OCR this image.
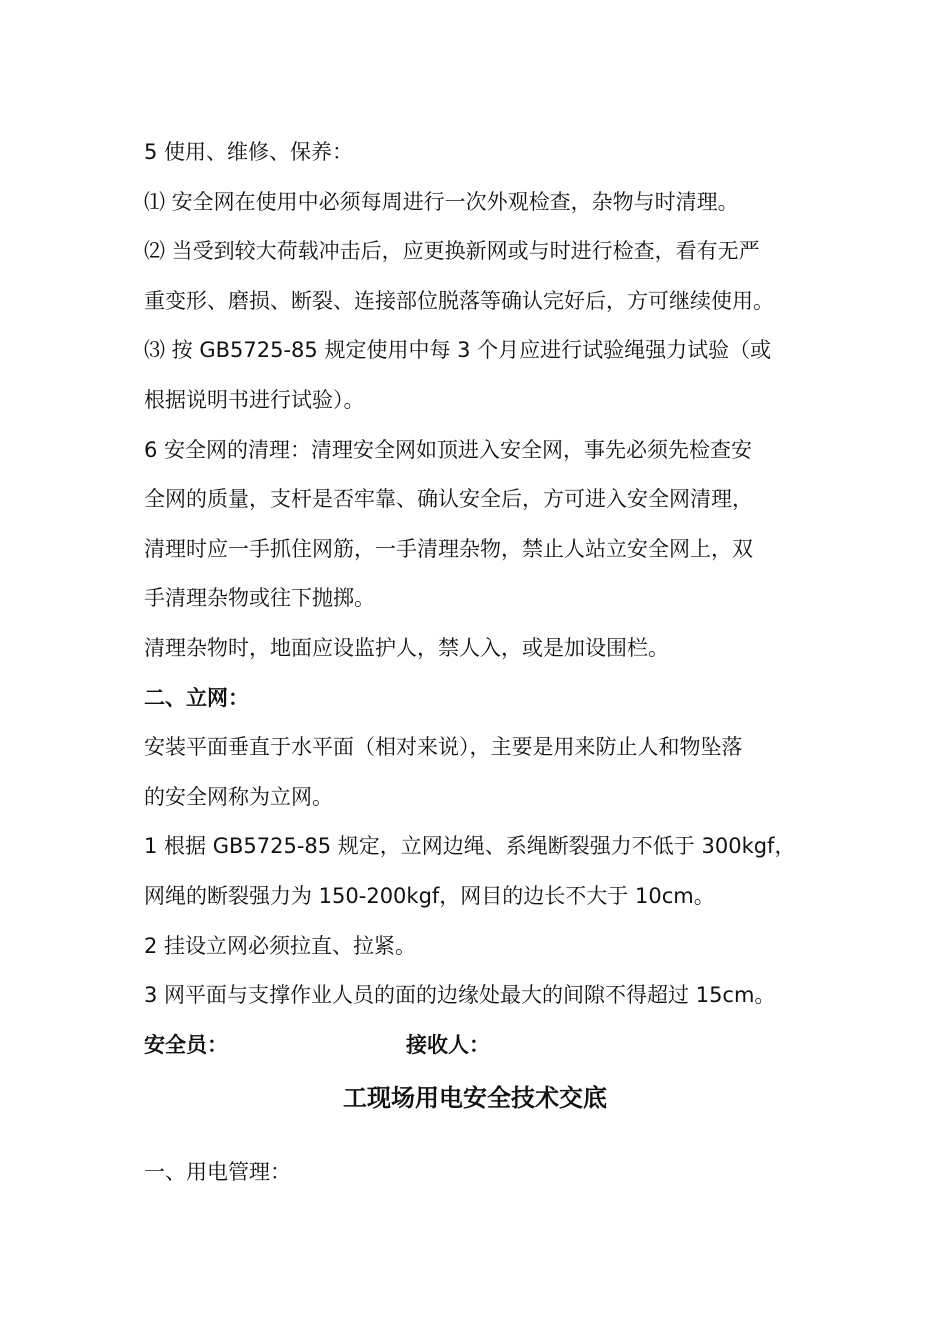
5 使用、维修、保养：
⑴ 安全网在使用中必须每周进行一次外观检查，杂物与时清理。
⑵ 当受到较大荷载冲击后，应更换新网或与时进行检查，看有无严
重变形、磨损、断裂、连接部位脱落等确认完好后，方可继续使用。
⑶ 按 GB5725-85 规定使用中每 3 个月应进行试验绳强力试验（或
根据说明书进行试验）。
6 安全网的清理：清理安全网如顶进入安全网，事先必须先检查安
全网的质量，支杆是否牢靠、确认安全后，方可进入安全网清理，
清理时应一手抓住网筋，一手清理杂物，禁止人站立安全网上，双
手清理杂物或往下抛掷。
清理杂物时，地面应设监护人，禁人入，或是加设围栏。
二、立网：
安装平面垂直于水平面（相对来说），主要是用来防止人和物坠落
的安全网称为立网。
1 根据 GB5725-85 规定，立网边绳、系绳断裂强力不低于 300kgf，
网绳的断裂强力为 150-200kgf，网目的边长不大于 10cm。
2 挂设立网必须拉直、拉紧。
3 网平面与支撑作业人员的面的边缘处最大的间隙不得超过 15cm。
安全员：	接收人：
工现场用电安全技术交底
一、用电管理：
